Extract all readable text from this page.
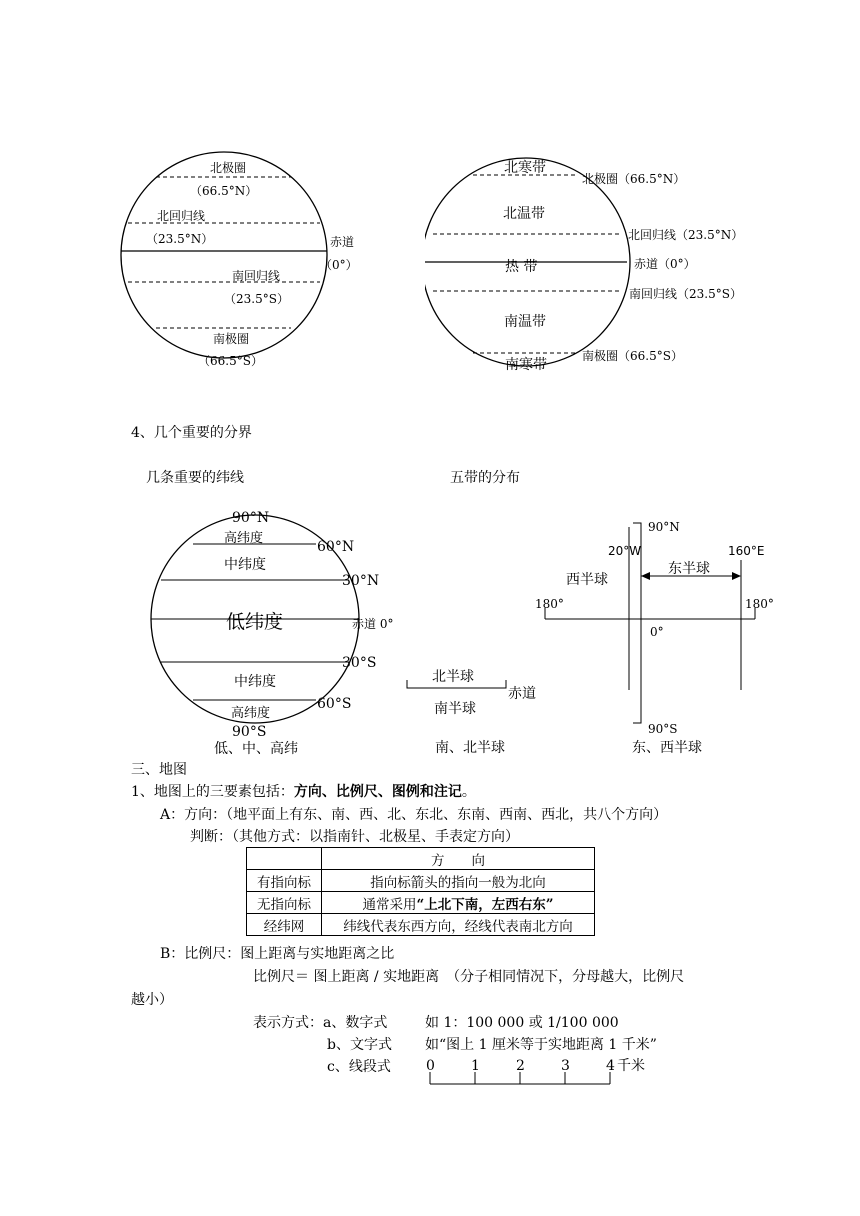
北极圈
（66.5°N）
北回归线
（23.5°N）	赤道
（0°）
南回归线
（23.5°S）
南极圈
（66.5°S）
北寒带
北温带
热 带
南温带
南寒带
北极圈（66.5°N）
北回归线（23.5°N）
赤道（0°）
南回归线（23.5°S）
南极圈（66.5°S）
4、几个重要的分界
几条重要的纬线	五带的分布
90°N
高纬度
60°N
中纬度
30°N
低纬度	赤道 0°
30°S
中纬度
60°S
高纬度
90°S
低、中、高纬
北半球
赤道
南半球
南、北半球
90°N
20°W	160°E
西半球
东半球
180°	180°
0°
90°S
东、西半球
三、地图
1、地图上的三要素包括：方向、比例尺、图例和注记。
A：方向：（地平面上有东、南、西、北、东北、东南、西南、西北，共八个方向）
判断：（其他方式：以指南针、北极星、手表定方向）
	方　　向
有指向标	指向标箭头的指向一般为北向
无指向标	通常采用“上北下南，左西右东”
经纬网	纬线代表东西方向，经线代表南北方向
B：比例尺：图上距离与实地距离之比
比例尺＝ 图上距离 / 实地距离　（分子相同情况下，分母越大，比例尺
越小）
表示方式：a、数字式	如 1：100 000 或 1/100 000
b、文字式 如“图上 1 厘米等于实地距离 1 千米”
c、线段式	0	1	2	3	4 千米
